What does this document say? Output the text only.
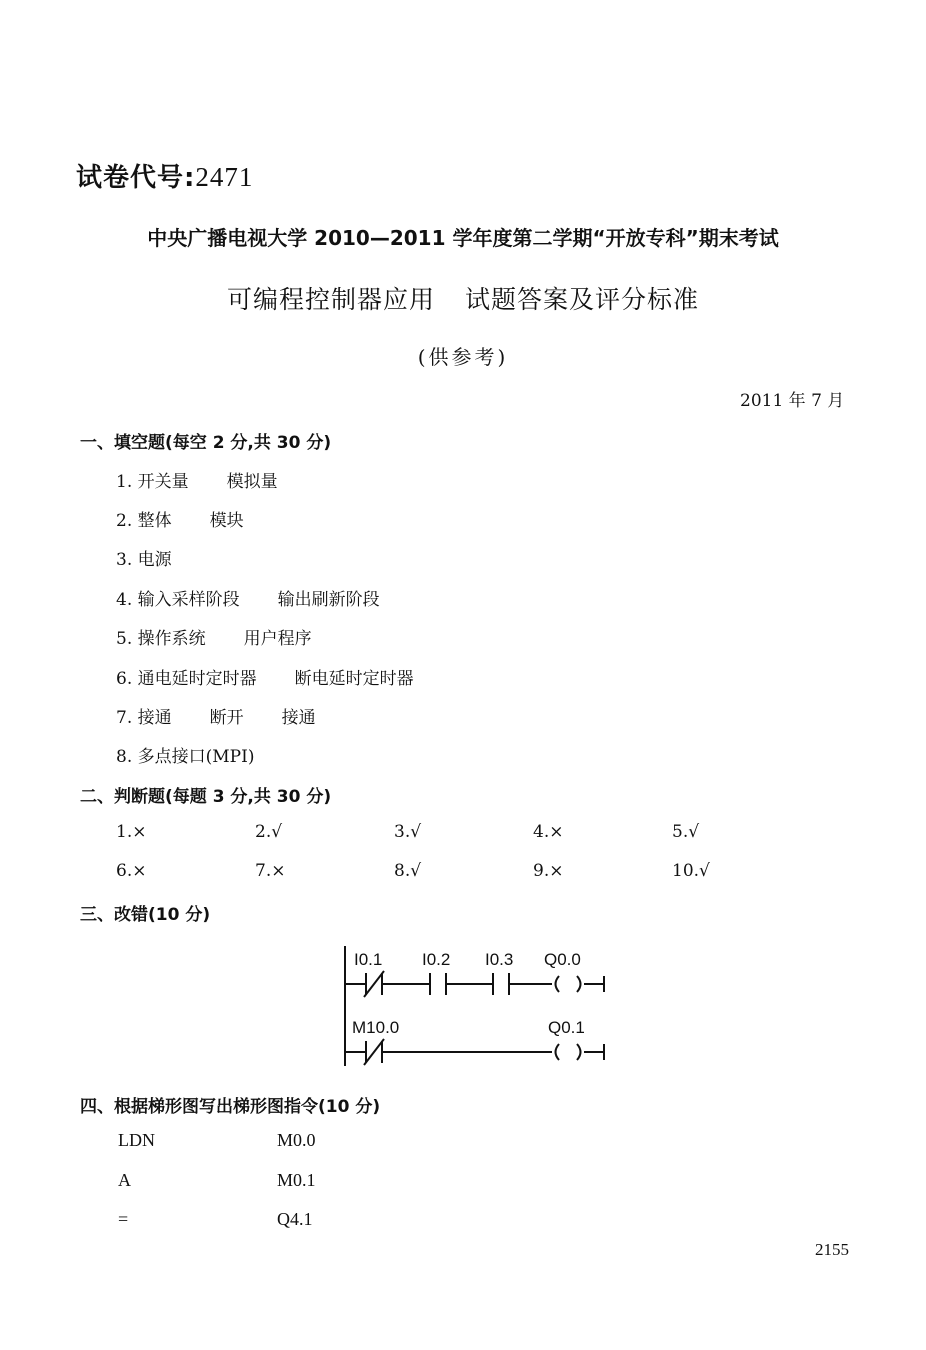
试卷代号:2471
中央广播电视大学 2010—2011 学年度第二学期“开放专科”期末考试
可编程控制器应用 试题答案及评分标准
(供参考)
2011 年 7 月
一、填空题(每空 2 分,共 30 分)
1. 开关量 模拟量
2. 整体 模块
3. 电源
4. 输入采样阶段 输出刷新阶段
5. 操作系统 用户程序
6. 通电延时定时器 断电延时定时器
7. 接通 断开 接通
8. 多点接口(MPI)
二、判断题(每题 3 分,共 30 分)
1.×	2.√	3.√	4.×	5.√
6.×	7.×	8.√	9.×	10.√
三、改错(10 分)
I0.1 I0.2 I0.3 Q0.0
M10.0	Q0.1
四、根据梯形图写出梯形图指令(10 分)
LDN	M0.0
A	M0.1
=	Q4.1
2155
